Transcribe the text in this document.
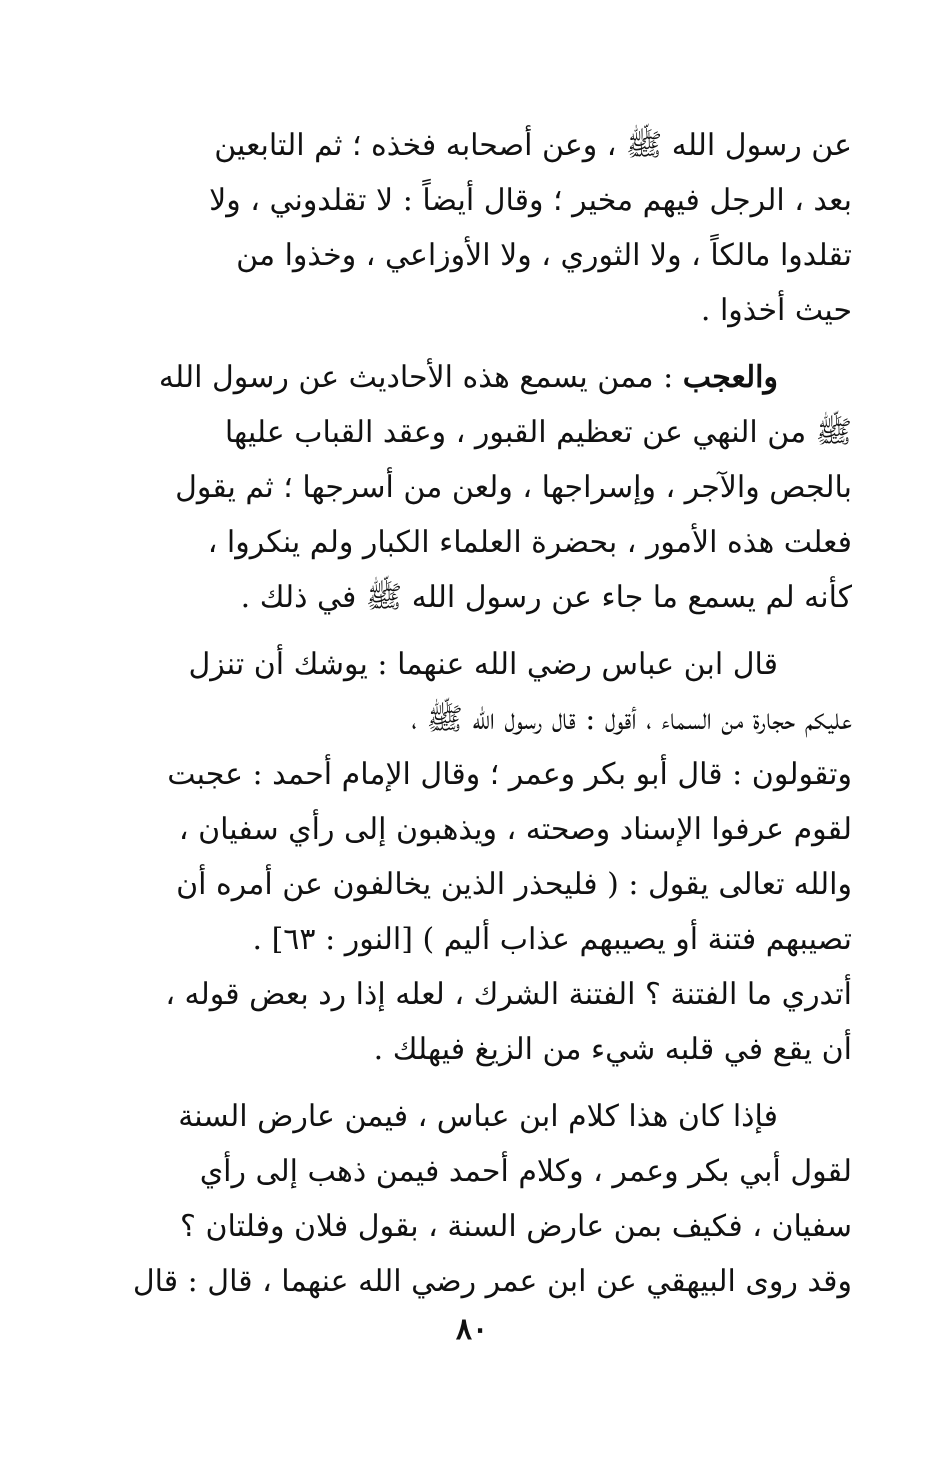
عن رسول الله ﷺ ، وعن أصحابه فخذه ؛ ثم التابعين
بعد ، الرجل فيهم مخير ؛ وقال أيضاً : لا تقلدوني ، ولا
تقلدوا مالكاً ، ولا الثوري ، ولا الأوزاعي ، وخذوا من
حيث أخذوا .
والعجب : ممن يسمع هذه الأحاديث عن رسول الله
ﷺ من النهي عن تعظيم القبور ، وعقد القباب عليها
بالجص والآجر ، وإسراجها ، ولعن من أسرجها ؛ ثم يقول
فعلت هذه الأمور ، بحضرة العلماء الكبار ولم ينكروا ،
كأنه لم يسمع ما جاء عن رسول الله ﷺ في ذلك .
قال ابن عباس رضي الله عنهما : يوشك أن تنزل
عليكم حجارة من السماء ، أقول : قال رسول الله ﷺ ،
وتقولون : قال أبو بكر وعمر ؛ وقال الإمام أحمد : عجبت
لقوم عرفوا الإسناد وصحته ، ويذهبون إلى رأي سفيان ،
والله تعالى يقول : ( فليحذر الذين يخالفون عن أمره أن
تصيبهم فتنة أو يصيبهم عذاب أليم ) [النور : ٦٣] .
أتدري ما الفتنة ؟ الفتنة الشرك ، لعله إذا رد بعض قوله ،
أن يقع في قلبه شيء من الزيغ فيهلك .
فإذا كان هذا كلام ابن عباس ، فيمن عارض السنة
لقول أبي بكر وعمر ، وكلام أحمد فيمن ذهب إلى رأي
سفيان ، فكيف بمن عارض السنة ، بقول فلان وفلتان ؟
وقد روى البيهقي عن ابن عمر رضي الله عنهما ، قال : قال
٨٠
